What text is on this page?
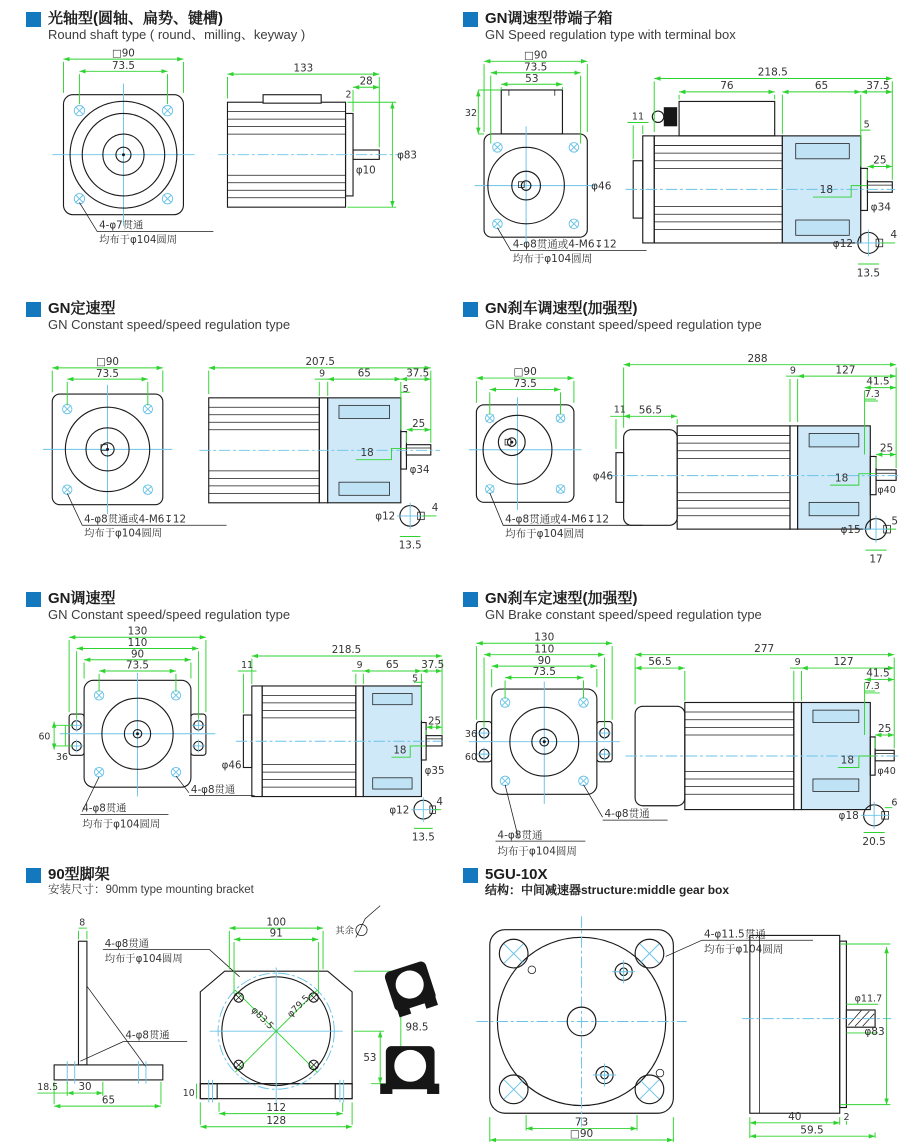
光轴型(圆轴、扁势、键槽)
Round shaft type ( round、milling、keyway )
□90
73.5
4-φ7贯通
均布于φ104圆周
133
28
2
φ83
φ10
GN调速型带端子箱
GN Speed regulation type with terminal box
□90
73.5
53
32
φ46
4-φ8贯通或4-M6↧12
均布于φ104圆周
218.5
76	65	37.5
11
5
25
18
φ34
φ12
4
13.5
GN定速型
GN Constant speed/speed regulation type
□90
73.5
4-φ8贯通或4-M6↧12
均布于φ104圆周
207.5
9	65	37.5
5
25
18
φ34
φ12
4
13.5
GN刹车调速型(加强型)
GN Brake constant speed/speed regulation type
□90
73.5
4-φ8贯通或4-M6↧12
均布于φ104圆周
288
9	127
41.5
7.3
11 56.5
25
18
φ46
φ40
φ15
5
17
GN调速型
GN Constant speed/speed regulation type
130
110
90
73.5
60
36
4-φ8贯通
4-φ8贯通
均布于φ104圆周
218.5
11	9 65 37.5
5
φ46
25
18
φ35
φ12
4
13.5
GN刹车定速型(加强型)
GN Brake constant speed/speed regulation type
130
110
90
73.5
36
60
4-φ8贯通
4-φ8贯通
均布于φ104圆周
277
56.5	9	127
41.5
7.3
25
18
φ40
φ18
6
20.5
90型脚架
安装尺寸：90mm type mounting bracket
8
18.5 30
65
4-φ8贯通
均布于φ104圆周
4-φ8贯通
φ83.5 φ79.5
100
91
98.5
53
112
128
10
其余
5GU-10X
结构：中间减速器structure:middle gear box
73
□90
4-φ11.5贯通
均布于φ104圆周
φ11.7
φ83
40	2
59.5
